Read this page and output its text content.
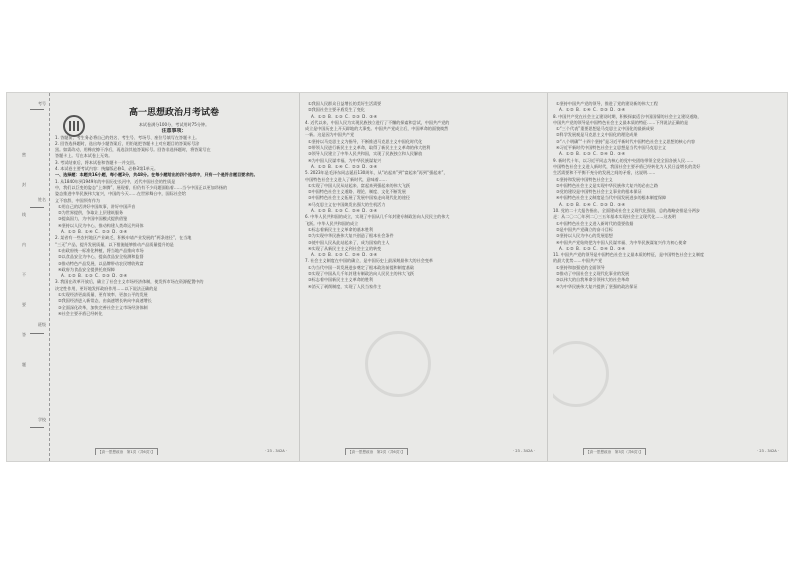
考号
姓名
密
封
线
内
不
要
答
题
班级
学校

高一思想政治月考试卷

本试卷满分100分，考试用时75分钟。

注意事项：

1. 答题前，考生务必将自己的姓名、考生号、考场号、座位号填写在答题卡上。

2. 回答选择题时，选出每小题答案后，用铅笔把答题卡上对应题目的答案标号涂

黑。如需改动，用橡皮擦干净后，再选涂其他答案标号。回答非选择题时，将答案写在

答题卡上。写在本试卷上无效。

3. 考试结束后，将本试卷和答题卡一并交回。

4. 本试卷主要考试内容：统编版必修1，必修3第1单元。

一、选择题：本题共16小题，每小题3分，共48分。在每小题给出的四个选项中，只有一个是符合题目要求的。

1. 从1840年到1949年的中国历史长河中，近代中国社会的性质是

中，我们以巨变的姿态“上奔腾”，展现着，但仍有不少问题面临着……当今中国正以更加昂扬的

姿态推进中华民族伟大复兴，中国的今天……在世界舞台中，国际社会给

义不容辞，中国须有作为

①用自己的话讲好中国故事，讲好中国声音

②为世界提供，争取让上层建筑服务

③提高国力，为中国中国模式提供借鉴

④坚持以人民为中心，推动构建人类命运共同体

A. ①② B. ①④ C. ②③ D. ③④

2. 某省有一些农村地区产业缺乏，积极申请产业发展的“两条途径”，在当地

“三无”产品，提升发展质量，以下措施能够推动产品质量提升的是

①由政府统一标准化种植，将当地产品推向市场

②以食品安全为中心，提高食品安全检测和监督

③推动特色产品发展，以品牌带动农民增收致富

④政府为食品安全提供托底保障

A. ①② B. ①③ C. ②③ D. ②④

3. 我国在改革开放后，确立了社会主义市场经济体制，使发挥市场在资源配置中的

决定性作用，更好地发挥政府作用……以下说法正确的是

①实现经济更高质量、更有效率、更加公平的发展

②我国经济进入新常态，由高速增长转向中高速增长

③全面深化改革，加快完善社会主义市场经济体制

④社会主要矛盾已经转化

【高一思想政治　第1页（共6页）】	· 23 - 342A ·

①我国人民群众日益增长的美好生活需要

②我国社会主要矛盾发生了变化

A. ①② B. ①③ C. ②③ D. ③④

4. 近代以来，中国人民为实现民族独立进行了不懈的探索和尝试，中国共产党的

成立是中国历史上开天辟地的大事变。中国共产党成立后，中国革命的面貌焕然

一新。这是因为中国共产党

①坚持以马克思主义为指导，不断推进马克思主义中国化时代化

②带领人民进行新民主主义革命，取得了新民主主义革命的伟大胜利

③领导人民建立了中华人民共和国，实现了民族独立和人民解放

④为中国人民谋幸福，为中华民族谋复兴

A. ①② B. ①④ C. ②③ D. ③④

5. 2023年是毛泽东同志诞辰130周年，从“站起来”到“富起来”再到“强起来”，

中国特色社会主义进入了新时代，意味着……

①实现了中国人民从站起来、富起来到强起来的伟大飞跃

②中国特色社会主义道路、理论、制度、文化不断发展

③中国特色社会主义拓展了发展中国家走向现代化的途径

④马克思主义在中国焕发出强大的生机活力

A. ①② B. ①③ C. ②④ D. ③④

6. 中华人民共和国的成立，实现了中国从几千年封建专制政治向人民民主的伟大

飞跃。中华人民共和国的成立

①标志着新民主主义革命的基本胜利

②为实现中华民族伟大复兴创造了根本社会条件

③使中国人民从此站起来了，成为国家的主人

④实现了从新民主主义到社会主义的转变

A. ①② B. ①③ C. ②④ D. ③④

7. 社会主义制度在中国的确立，是中国历史上最深刻最伟大的社会变革

①为当代中国一切发展进步奠定了根本政治前提和制度基础

②实现了中国从几千年封建专制政治向人民民主的伟大飞跃

③标志着中国新民主主义革命的胜利

④消灭了剥削制度，实现了人民当家作主

【高一思想政治　第2页（共6页）】	· 23 - 342A ·

①坚持中国共产党的领导，推进了党的建设新的伟大工程

A. ①② B. ①④ C. ②③ D. ③④

8. 中国共产党在社会主义建设时期，积极探索适合中国国情的社会主义建设道路，

中国共产党的领导是中国特色社会主义最本质的特征……下列说法正确的是

①“三个代表”重要思想是马克思主义中国化的最新成果

②科学发展观是马克思主义中国化的理论成果

③“八个明确”“十四个坚持”是习近平新时代中国特色社会主义思想的核心内容

④习近平新时代中国特色社会主义思想是当代中国马克思主义

A. ①② B. ①③ C. ②④ D. ③④

9. 新时代十年，以习近平同志为核心的党中央团结带领全党全国各族人民……

中国特色社会主义进入新时代，我国社会主要矛盾已经转化为人民日益增长的美好

生活需要和不平衡不充分的发展之间的矛盾，这说明……

①坚持和发展中国特色社会主义

②中国特色社会主义是实现中华民族伟大复兴的必由之路

③党的建设是中国特色社会主义事业的根本保证

④中国特色社会主义制度是当代中国发展进步的根本制度保障

A. ①② B. ①④ C. ②③ D. ③④

10. 党的二十大报告指出，全面建成社会主义现代化强国，总的战略安排是分两步

走：从二〇二〇年到二〇三五年基本实现社会主义现代化……这表明

①中国特色社会主义进入新时代的重要依据

②是中国共产党确立的奋斗目标

③坚持以人民为中心的发展思想

④中国共产党始终把为中国人民谋幸福、为中华民族谋复兴作为初心使命

A. ①② B. ①③ C. ②④ D. ③④

11. 中国共产党的领导是中国特色社会主义最本质的特征，是中国特色社会主义制度

的最大优势……中国共产党

①坚持和加强党的全面领导

②推动了中国社会主义现代化事业的发展

③以伟大的自我革命引领伟大的社会革命

④为中华民族伟大复兴提供了坚强的政治保证

【高一思想政治　第3页（共6页）】	· 23 - 342A ·
